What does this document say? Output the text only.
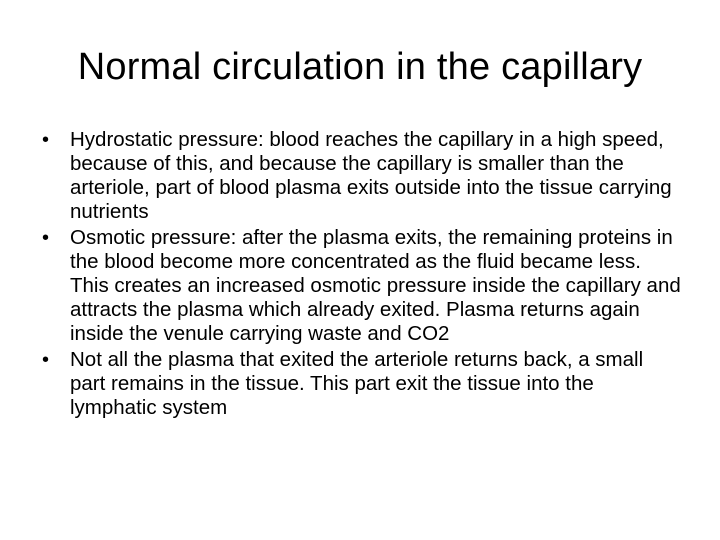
Normal circulation in the capillary
•	Hydrostatic pressure: blood reaches the capillary in a high speed, because of this, and because the capillary is smaller than the arteriole, part of blood plasma exits outside into the tissue carrying nutrients
•	Osmotic pressure: after the plasma exits, the remaining proteins in the blood become more concentrated as the fluid became less. This creates an increased osmotic pressure inside the capillary and attracts the plasma which already exited. Plasma returns again inside the venule carrying waste and CO2
•	Not all the plasma that exited the arteriole returns back, a small part remains in the tissue. This part exit the tissue into the lymphatic system
